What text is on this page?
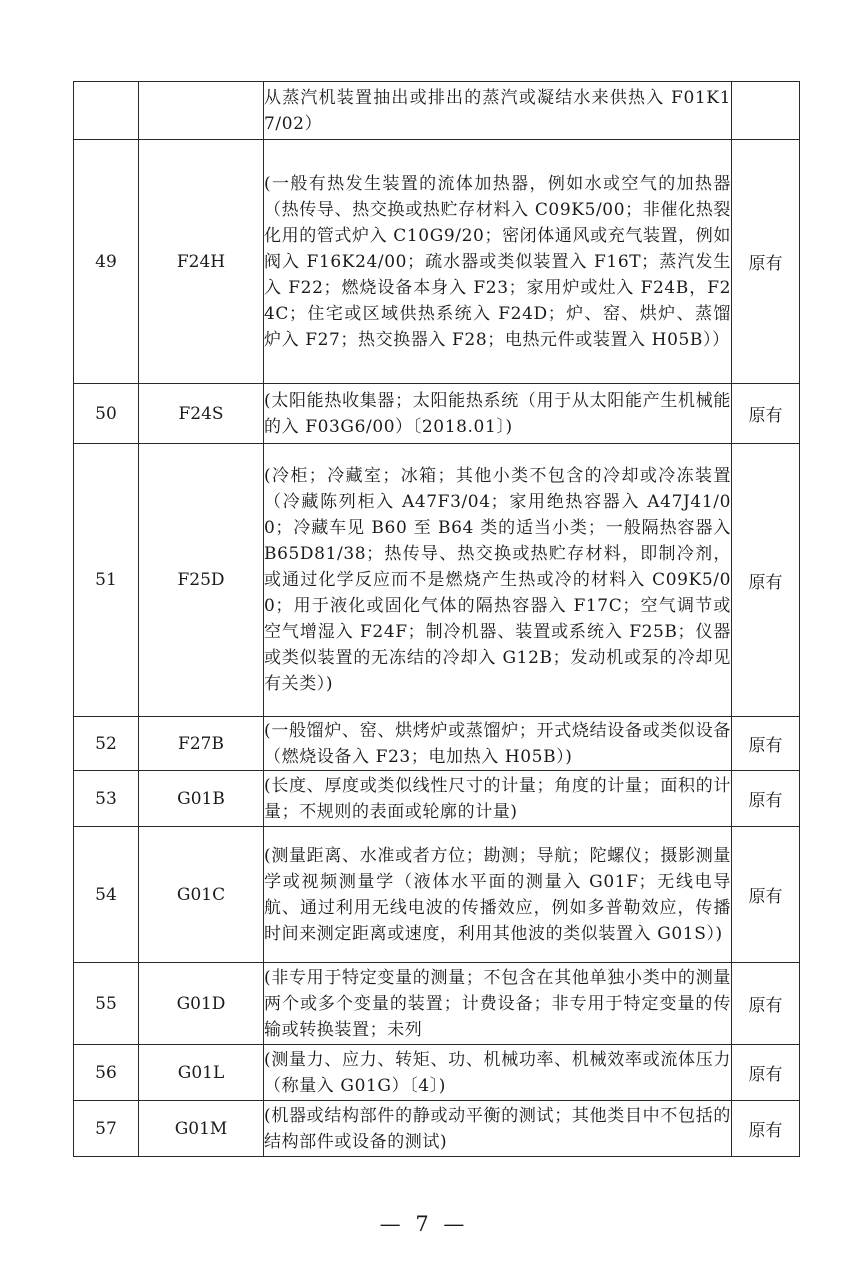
		从蒸汽机装置抽出或排出的蒸汽或凝结水来供热入 F01K17/02）	
49	F24H	(一般有热发生装置的流体加热器，例如水或空气的加热器（热传导、热交换或热贮存材料入 C09K5/00；非催化热裂化用的管式炉入 C10G9/20；密闭体通风或充气装置，例如阀入 F16K24/00；疏水器或类似装置入 F16T；蒸汽发生入 F22；燃烧设备本身入 F23；家用炉或灶入 F24B，F24C；住宅或区域供热系统入 F24D；炉、窑、烘炉、蒸馏炉入 F27；热交换器入 F28；电热元件或装置入 H05B））	原有
50	F24S	(太阳能热收集器；太阳能热系统（用于从太阳能产生机械能的入 F03G6/00）〔2018.01〕)	原有
51	F25D	(冷柜；冷藏室；冰箱；其他小类不包含的冷却或冷冻装置（冷藏陈列柜入 A47F3/04；家用绝热容器入 A47J41/00；冷藏车见 B60 至 B64 类的适当小类；一般隔热容器入 B65D81/38；热传导、热交换或热贮存材料，即制冷剂，或通过化学反应而不是燃烧产生热或冷的材料入 C09K5/00；用于液化或固化气体的隔热容器入 F17C；空气调节或空气增湿入 F24F；制冷机器、装置或系统入 F25B；仪器或类似装置的无冻结的冷却入 G12B；发动机或泵的冷却见有关类）)	原有
52	F27B	(一般馏炉、窑、烘烤炉或蒸馏炉；开式烧结设备或类似设备（燃烧设备入 F23；电加热入 H05B）)	原有
53	G01B	(长度、厚度或类似线性尺寸的计量；角度的计量；面积的计量；不规则的表面或轮廓的计量)	原有
54	G01C	(测量距离、水准或者方位；勘测；导航；陀螺仪；摄影测量学或视频测量学（液体水平面的测量入 G01F；无线电导航、通过利用无线电波的传播效应，例如多普勒效应，传播时间来测定距离或速度，利用其他波的类似装置入 G01S）)	原有
55	G01D	(非专用于特定变量的测量；不包含在其他单独小类中的测量两个或多个变量的装置；计费设备；非专用于特定变量的传输或转换装置；未列	原有
56	G01L	(测量力、应力、转矩、功、机械功率、机械效率或流体压力（称量入 G01G）〔4〕)	原有
57	G01M	(机器或结构部件的静或动平衡的测试；其他类目中不包括的结构部件或设备的测试)	原有
— 7 —
